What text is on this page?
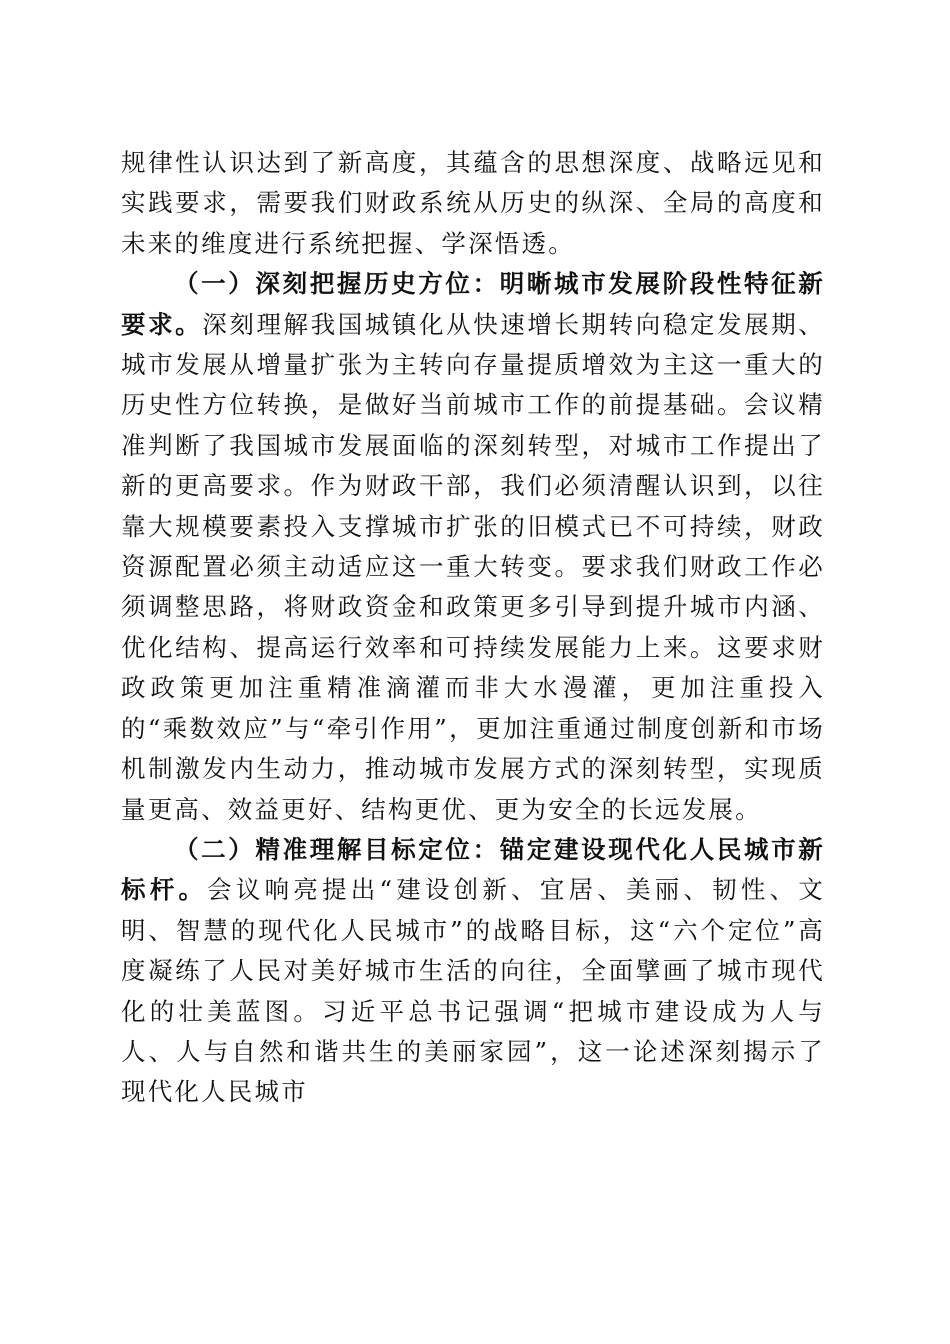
规律性认识达到了新高度，其蕴含的思想深度、战略远见和实践要求，需要我们财政系统从历史的纵深、全局的高度和未来的维度进行系统把握、学深悟透。

（一）深刻把握历史方位：明晰城市发展阶段性特征新要求。深刻理解我国城镇化从快速增长期转向稳定发展期、城市发展从增量扩张为主转向存量提质增效为主这一重大的历史性方位转换，是做好当前城市工作的前提基础。会议精准判断了我国城市发展面临的深刻转型，对城市工作提出了新的更高要求。作为财政干部，我们必须清醒认识到，以往靠大规模要素投入支撑城市扩张的旧模式已不可持续，财政资源配置必须主动适应这一重大转变。要求我们财政工作必须调整思路，将财政资金和政策更多引导到提升城市内涵、优化结构、提高运行效率和可持续发展能力上来。这要求财政政策更加注重精准滴灌而非大水漫灌，更加注重投入的“乘数效应”与“牵引作用”，更加注重通过制度创新和市场机制激发内生动力，推动城市发展方式的深刻转型，实现质量更高、效益更好、结构更优、更为安全的长远发展。

（二）精准理解目标定位：锚定建设现代化人民城市新标杆。会议响亮提出“建设创新、宜居、美丽、韧性、文明、智慧的现代化人民城市”的战略目标，这“六个定位”高度凝练了人民对美好城市生活的向往，全面擘画了城市现代化的壮美蓝图。习近平总书记强调“把城市建设成为人与人、人与自然和谐共生的美丽家园”，这一论述深刻揭示了现代化人民城市
